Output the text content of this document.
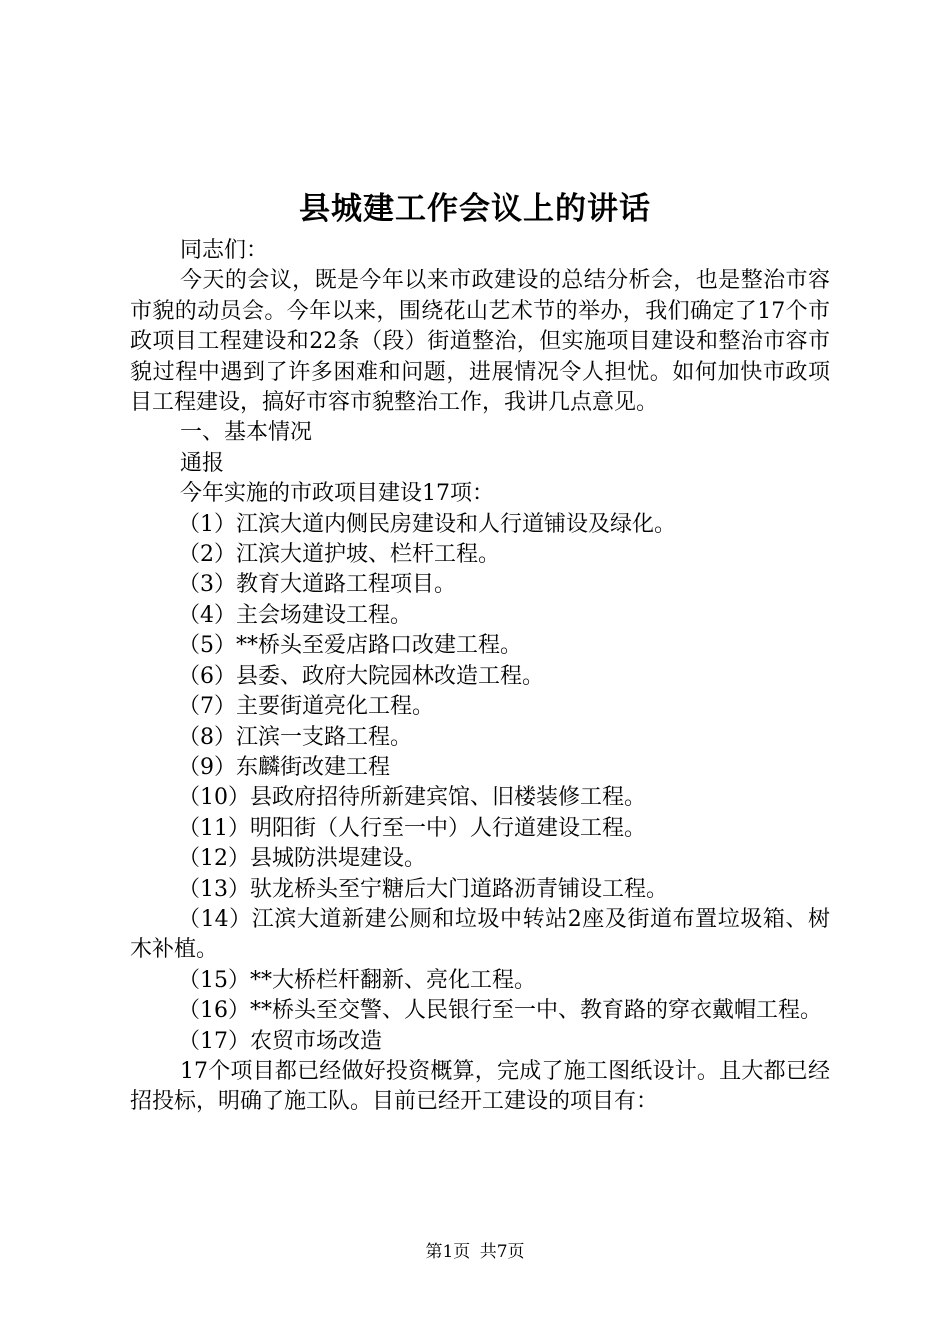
县城建工作会议上的讲话

同志们：

今天的会议，既是今年以来市政建设的总结分析会，也是整治市容市貌的动员会。今年以来，围绕花山艺术节的举办，我们确定了17个市政项目工程建设和22条（段）街道整治，但实施项目建设和整治市容市貌过程中遇到了许多困难和问题，进展情况令人担忧。如何加快市政项目工程建设，搞好市容市貌整治工作，我讲几点意见。

一、基本情况

通报

今年实施的市政项目建设17项：

（1）江滨大道内侧民房建设和人行道铺设及绿化。

（2）江滨大道护坡、栏杆工程。

（3）教育大道路工程项目。

（4）主会场建设工程。

（5）**桥头至爱店路口改建工程。

（6）县委、政府大院园林改造工程。

（7）主要街道亮化工程。

（8）江滨一支路工程。

（9）东麟街改建工程

（10）县政府招待所新建宾馆、旧楼装修工程。

（11）明阳街（人行至一中）人行道建设工程。

（12）县城防洪堤建设。

（13）驮龙桥头至宁糖后大门道路沥青铺设工程。

（14）江滨大道新建公厕和垃圾中转站2座及街道布置垃圾箱、树木补植。

（15）**大桥栏杆翻新、亮化工程。

（16）**桥头至交警、人民银行至一中、教育路的穿衣戴帽工程。

（17）农贸市场改造

17个项目都已经做好投资概算，完成了施工图纸设计。且大都已经招投标，明确了施工队。目前已经开工建设的项目有：

第1页 共7页
